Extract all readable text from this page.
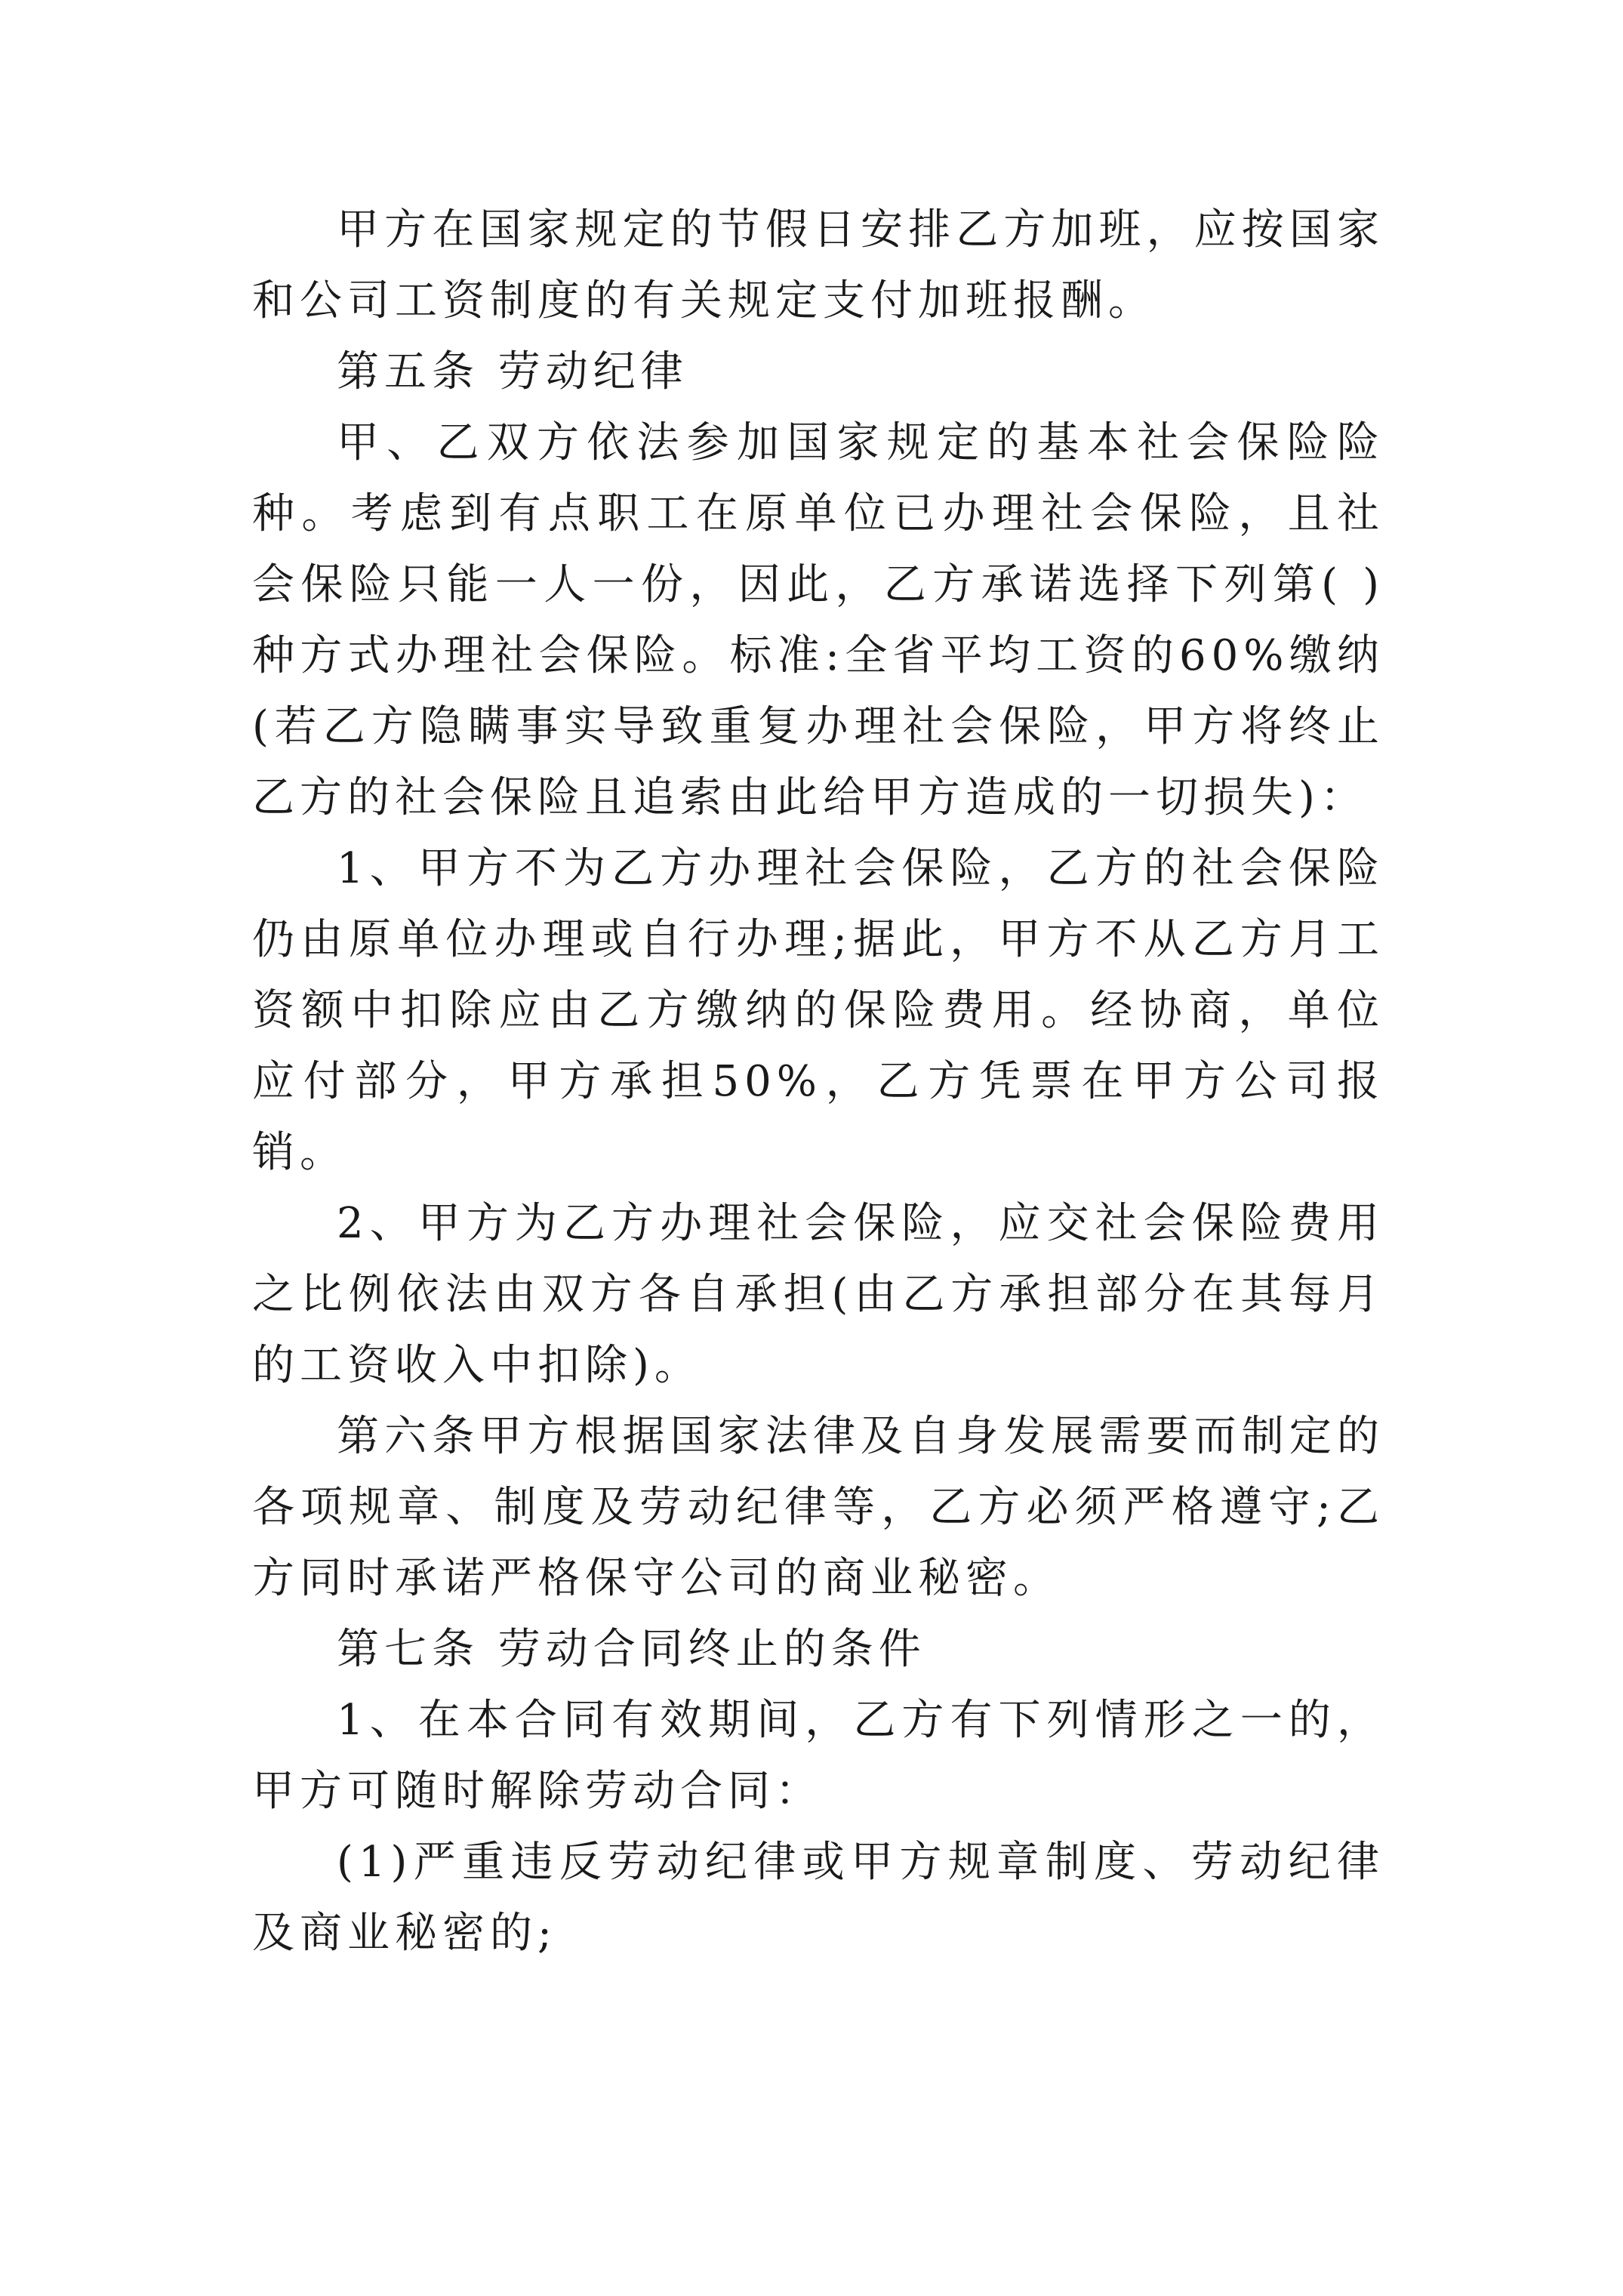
甲方在国家规定的节假日安排乙方加班，应按国家和公司工资制度的有关规定支付加班报酬。

第五条 劳动纪律

甲、乙双方依法参加国家规定的基本社会保险险种。考虑到有点职工在原单位已办理社会保险，且社会保险只能一人一份，因此，乙方承诺选择下列第( )种方式办理社会保险。标准:全省平均工资的60%缴纳(若乙方隐瞒事实导致重复办理社会保险，甲方将终止乙方的社会保险且追索由此给甲方造成的一切损失)：

1、甲方不为乙方办理社会保险，乙方的社会保险仍由原单位办理或自行办理;据此，甲方不从乙方月工资额中扣除应由乙方缴纳的保险费用。经协商，单位应付部分，甲方承担50%，乙方凭票在甲方公司报销。

2、甲方为乙方办理社会保险，应交社会保险费用之比例依法由双方各自承担(由乙方承担部分在其每月的工资收入中扣除)。

第六条甲方根据国家法律及自身发展需要而制定的各项规章、制度及劳动纪律等，乙方必须严格遵守;乙方同时承诺严格保守公司的商业秘密。

第七条 劳动合同终止的条件

1、在本合同有效期间，乙方有下列情形之一的，甲方可随时解除劳动合同：

(1)严重违反劳动纪律或甲方规章制度、劳动纪律及商业秘密的;
